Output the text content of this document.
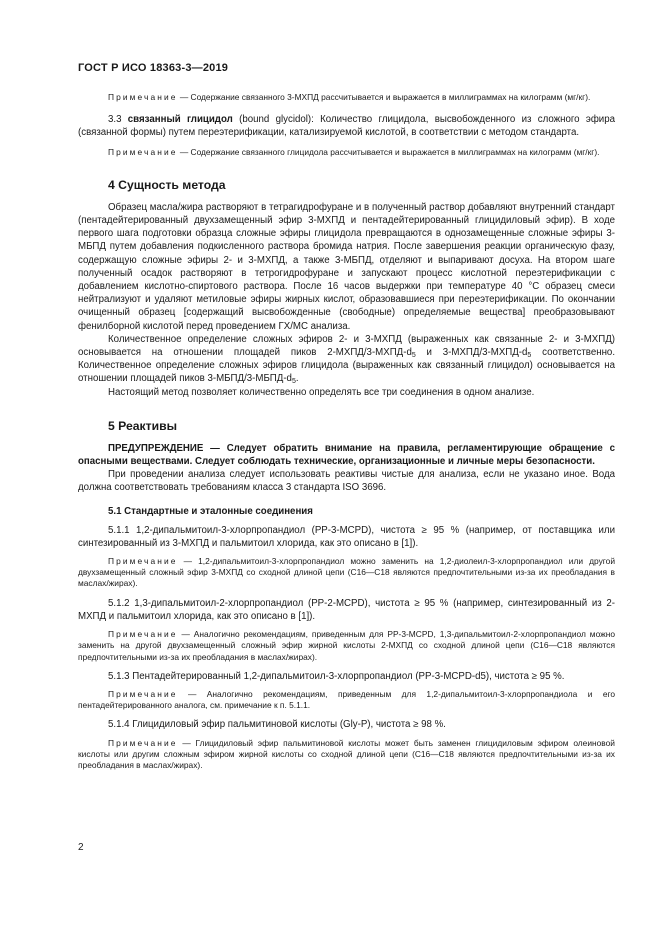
ГОСТ Р ИСО 18363-3—2019

Примечание — Содержание связанного 3-МХПД рассчитывается и выражается в миллиграммах на килограмм (мг/кг).

3.3 связанный глицидол (bound glycidol): Количество глицидола, высвобожденного из сложного эфира (связанной формы) путем переэтерификации, катализируемой кислотой, в соответствии с методом стандарта.

Примечание — Содержание связанного глицидола рассчитывается и выражается в миллиграммах на килограмм (мг/кг).

4 Сущность метода

Образец масла/жира растворяют в тетрагидрофуране и в полученный раствор добавляют внутренний стандарт (пентадейтерированный двухзамещенный эфир 3-МХПД и пентадейтерированный глицидиловый эфир). В ходе первого шага подготовки образца сложные эфиры глицидола превращаются в однозамещенные сложные эфиры 3-МБПД путем добавления подкисленного раствора бромида натрия. После завершения реакции органическую фазу, содержащую сложные эфиры 2- и 3-МХПД, а также 3-МБПД, отделяют и выпаривают досуха. На втором шаге полученный осадок растворяют в тетрогидрофуране и запускают процесс кислотной переэтерификации с добавлением кислотно-спиртового раствора. После 16 часов выдержки при температуре 40 °С образец смеси нейтрализуют и удаляют метиловые эфиры жирных кислот, образовавшиеся при переэтерификации. По окончании очищенный образец [содержащий высвобожденные (свободные) определяемые вещества] преобразовывают фенилборной кислотой перед проведением ГХ/МС анализа.

Количественное определение сложных эфиров 2- и 3-МХПД (выраженных как связанные 2- и 3-МХПД) основывается на отношении площадей пиков $2-МХПД/3-МХПД-d_5$ и $3-МХПД/3-МХПД-d_5$ соответственно. Количественное определение сложных эфиров глицидола (выраженных как связанный глицидол) основывается на отношении площадей пиков $3-МБПД/3-МБПД-d_5$.

Настоящий метод позволяет количественно определять все три соединения в одном анализе.

5 Реактивы

ПРЕДУПРЕЖДЕНИЕ — Следует обратить внимание на правила, регламентирующие обращение с опасными веществами. Следует соблюдать технические, организационные и личные меры безопасности.

При проведении анализа следует использовать реактивы чистые для анализа, если не указано иное. Вода должна соответствовать требованиям класса 3 стандарта ISO 3696.

5.1 Стандартные и эталонные соединения

5.1.1 1,2-дипальмитоил-3-хлорпропандиол (РР-3-MCPD), чистота ≥ 95 % (например, от поставщика или синтезированный из 3-МХПД и пальмитоил хлорида, как это описано в [1]).

Примечание — 1,2-дипальмитоил-3-хлорпропандиол можно заменить на 1,2-диолеил-3-хлорпропандиол или другой двухзамещенный сложный эфир 3-МХПД со сходной длиной цепи (С16—С18 являются предпочтительными из-за их преобладания в маслах/жирах).

5.1.2 1,3-дипальмитоил-2-хлорпропандиол (РР-2-MCPD), чистота ≥ 95 % (например, синтезированный из 2-МХПД и пальмитоил хлорида, как это описано в [1]).

Примечание — Аналогично рекомендациям, приведенным для РР-3-MCPD, 1,3-дипальмитоил-2-хлорпропандиол можно заменить на другой двухзамещенный сложный эфир жирной кислоты 2-МХПД со сходной длиной цепи (С16—С18 являются предпочтительными из-за их преобладания в маслах/жирах).

5.1.3 Пентадейтерированный 1,2-дипальмитоил-3-хлорпропандиол (РР-3-MCPD-d5), чистота ≥ 95 %.

Примечание — Аналогично рекомендациям, приведенным для 1,2-дипальмитоил-3-хлорпропандиола и его пентадейтерированного аналога, см. примечание к п. 5.1.1.

5.1.4 Глицидиловый эфир пальмитиновой кислоты (Gly-P), чистота ≥ 98 %.

Примечание — Глицидиловый эфир пальмитиновой кислоты может быть заменен глицидиловым эфиром олеиновой кислоты или другим сложным эфиром жирной кислоты со сходной длиной цепи (С16—С18 являются предпочтительными из-за их преобладания в маслах/жирах).

2
